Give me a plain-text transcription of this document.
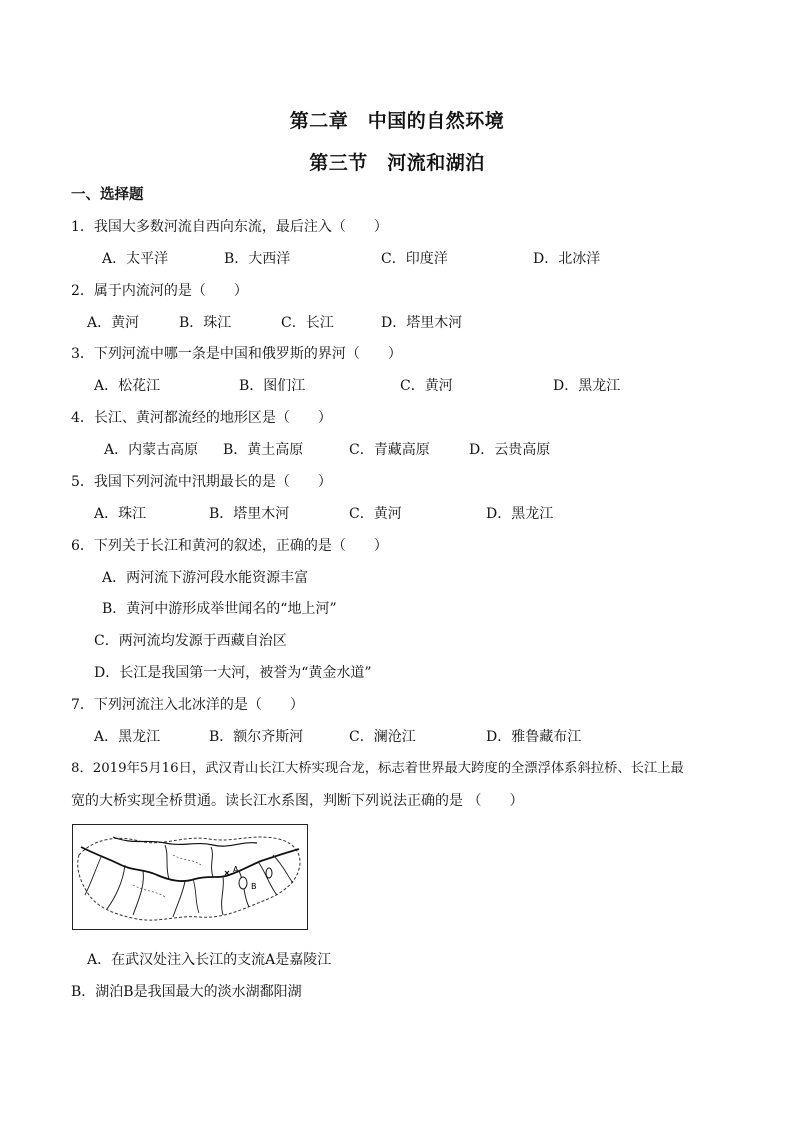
第二章　中国的自然环境

第三节　河流和湖泊

一、选择题

1．我国大多数河流自西向东流，最后注入（　　）

A．太平洋	B．大西洋	C．印度洋	D．北冰洋

2．属于内流河的是（　　）

A．黄河	B．珠江	C．长江	D．塔里木河

3．下列河流中哪一条是中国和俄罗斯的界河（　　）

A．松花江	B．图们江	C．黄河	D．黑龙江

4．长江、黄河都流经的地形区是（　　）

A．内蒙古高原 B．黄土高原	C．青藏高原	D．云贵高原

5．我国下列河流中汛期最长的是（　　）

A．珠江	B．塔里木河	C．黄河	D．黑龙江

6．下列关于长江和黄河的叙述，正确的是（　　）

A．两河流下游河段水能资源丰富

B．黄河中游形成举世闻名的“地上河”

C．两河流均发源于西藏自治区

D．长江是我国第一大河，被誉为“黄金水道”

7．下列河流注入北冰洋的是（　　）

A．黑龙江	B．额尔齐斯河	C．澜沧江	D．雅鲁藏布江

8．2019年5月16日，武汉青山长江大桥实现合龙，标志着世界最大跨度的全漂浮体系斜拉桥、长江上最

宽的大桥实现全桥贯通。读长江水系图，判断下列说法正确的是 （　　）

A
B

A．在武汉处注入长江的支流A是嘉陵江

B．湖泊B是我国最大的淡水湖鄱阳湖
